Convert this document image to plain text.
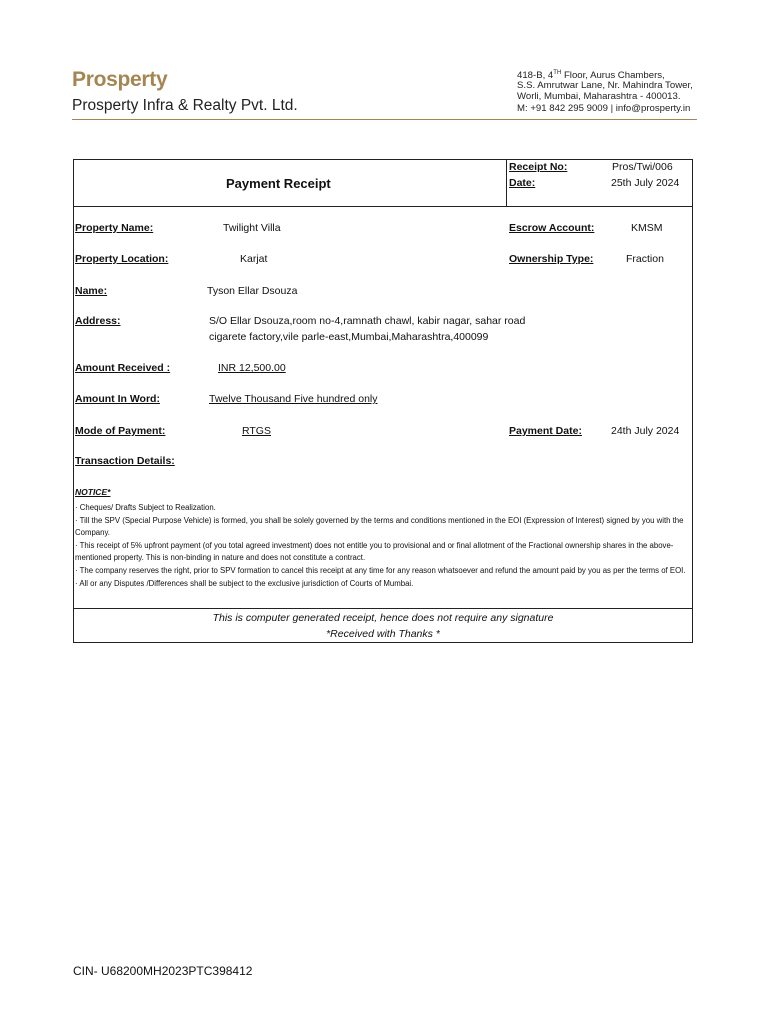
Prosperty
Prosperty Infra & Realty Pvt. Ltd.
418-B, 4TH Floor, Aurus Chambers,
S.S. Amrutwar Lane, Nr. Mahindra Tower,
Worli, Mumbai, Maharashtra - 400013.
M: +91 842 295 9009 | info@prosperty.in
Payment Receipt
Receipt No:	Pros/Twi/006
Date:	25th July 2024
Property Name:	Twilight Villa	Escrow Account:	KMSM
Property Location:	Karjat	Ownership Type:	Fraction
Name:	Tyson Ellar Dsouza
Address:	S/O Ellar Dsouza,room no-4,ramnath chawl, kabir nagar, sahar road
cigarete factory,vile parle-east,Mumbai,Maharashtra,400099
Amount Received :	INR 12,500.00
Amount In Word:	Twelve Thousand Five hundred only
Mode of Payment:	RTGS	Payment Date:	24th July 2024
Transaction Details:
NOTICE*
· Cheques/ Drafts Subject to Realization.
· Till the SPV (Special Purpose Vehicle) is formed, you shall be solely governed by the terms and conditions mentioned in the EOI (Expression of Interest) signed by you with the Company.
· This receipt of 5% upfront payment (of you total agreed investment) does not entitle you to provisional and or final allotment of the Fractional ownership shares in the above-mentioned property. This is non-binding in nature and does not constitute a contract.
· The company reserves the right, prior to SPV formation to cancel this receipt at any time for any reason whatsoever and refund the amount paid by you as per the terms of EOI.
· All or any Disputes /Differences shall be subject to the exclusive jurisdiction of Courts of Mumbai.
This is computer generated receipt, hence does not require any signature
*Received with Thanks *
CIN- U68200MH2023PTC398412
